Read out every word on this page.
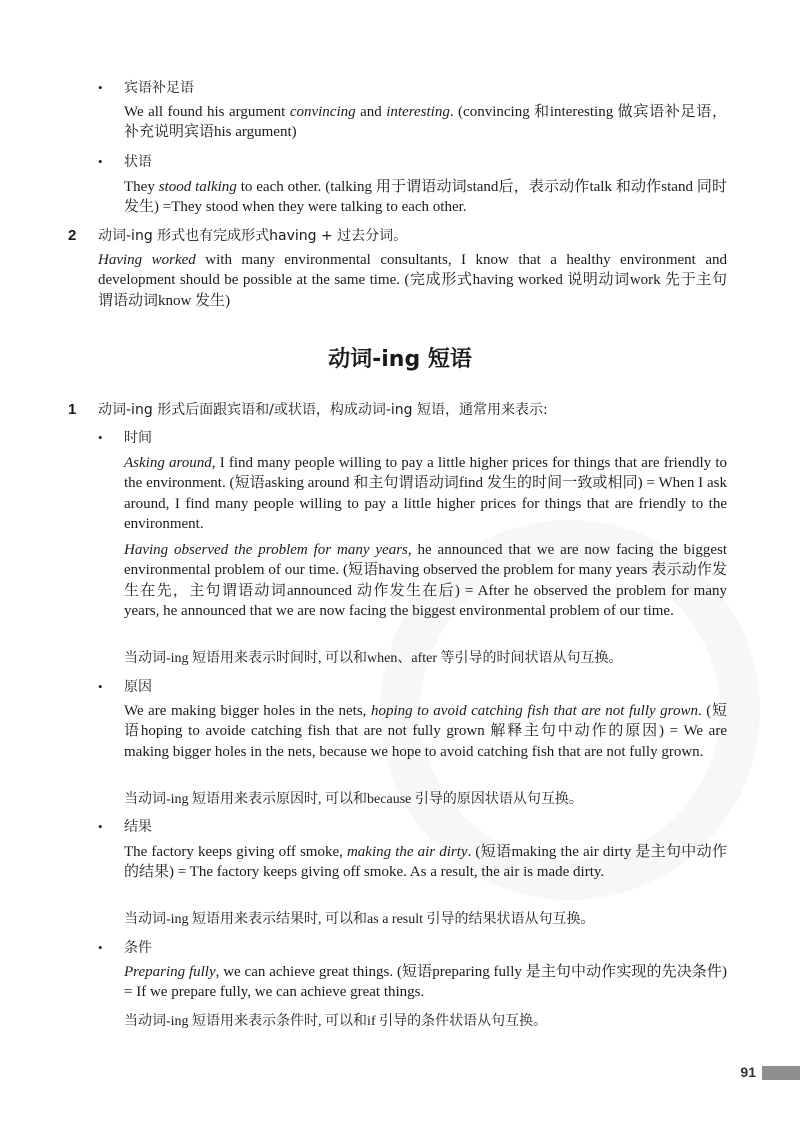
• 宾语补足语
We all found his argument convincing and interesting. (convincing 和interesting 做宾语补足语，补充说明宾语his argument)
• 状语
They stood talking to each other. (talking 用于谓语动词stand后，表示动作talk 和动作stand 同时发生) =They stood when they were talking to each other.
2 动词-ing 形式也有完成形式having + 过去分词。
Having worked with many environmental consultants, I know that a healthy environment and development should be possible at the same time. (完成形式having worked 说明动词work 先于主句谓语动词know 发生)
动词-ing 短语
1 动词-ing 形式后面跟宾语和/或状语，构成动词-ing 短语，通常用来表示:
• 时间
Asking around, I find many people willing to pay a little higher prices for things that are friendly to the environment. (短语asking around 和主句谓语动词find 发生的时间一致或相同) = When I ask around, I find many people willing to pay a little higher prices for things that are friendly to the environment.
Having observed the problem for many years, he announced that we are now facing the biggest environmental problem of our time. (短语having observed the problem for many years 表示动作发生在先，主句谓语动词announced 动作发生在后) = After he observed the problem for many years, he announced that we are now facing the biggest environmental problem of our time.
当动词-ing 短语用来表示时间时, 可以和when、after 等引导的时间状语从句互换。
• 原因
We are making bigger holes in the nets, hoping to avoid catching fish that are not fully grown. (短语hoping to avoide catching fish that are not fully grown 解释主句中动作的原因) = We are making bigger holes in the nets, because we hope to avoid catching fish that are not fully grown.
当动词-ing 短语用来表示原因时, 可以和because 引导的原因状语从句互换。
• 结果
The factory keeps giving off smoke, making the air dirty. (短语making the air dirty 是主句中动作的结果) = The factory keeps giving off smoke. As a result, the air is made dirty.
当动词-ing 短语用来表示结果时, 可以和as a result 引导的结果状语从句互换。
• 条件
Preparing fully, we can achieve great things. (短语preparing fully 是主句中动作实现的先决条件) = If we prepare fully, we can achieve great things.
当动词-ing 短语用来表示条件时, 可以和if 引导的条件状语从句互换。
91
